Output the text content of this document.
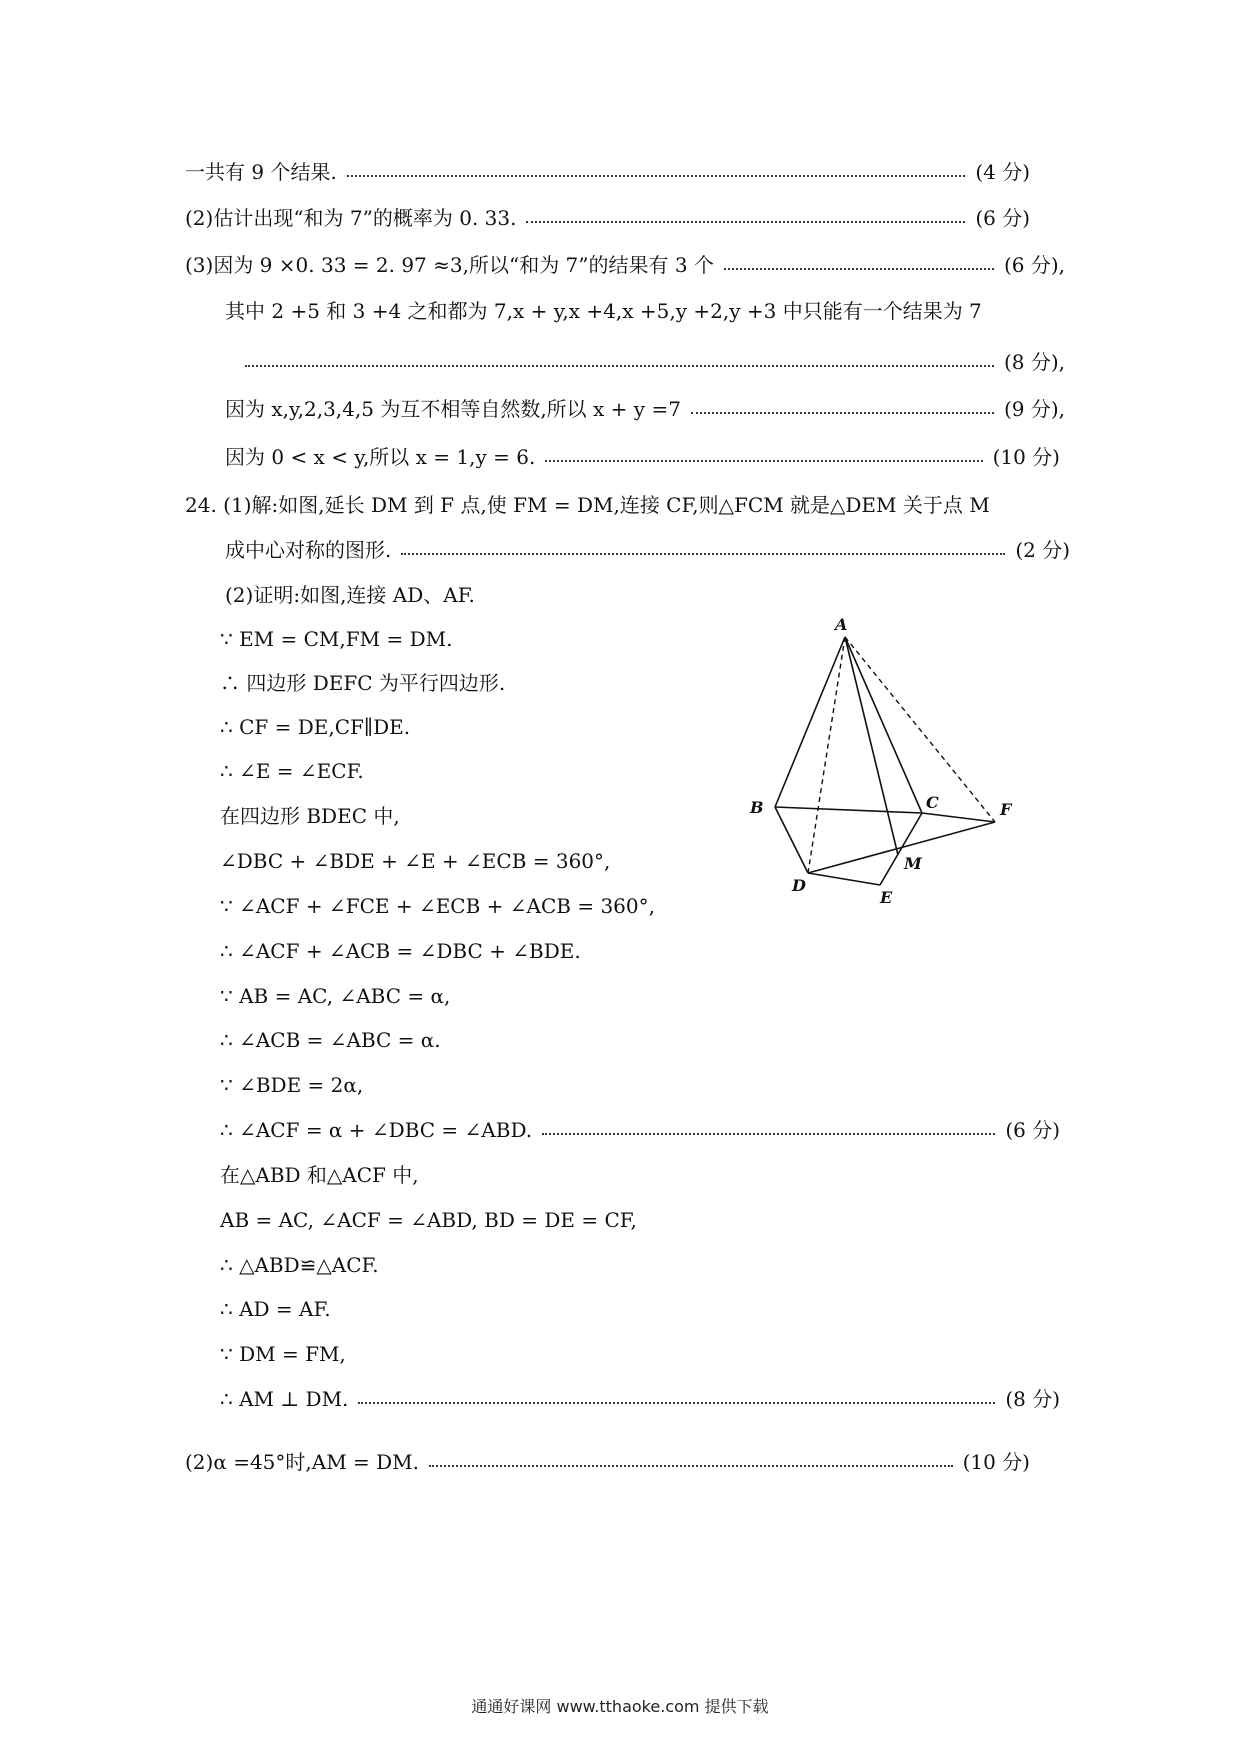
一共有 9 个结果.	(4 分)
(2)估计出现“和为 7”的概率为 0. 33.	(6 分)
(3)因为 9 ×0. 33 = 2. 97 ≈3,所以“和为 7”的结果有 3 个	(6 分),
其中 2 +5 和 3 +4 之和都为 7,x + y,x +4,x +5,y +2,y +3 中只能有一个结果为 7
(8 分),
因为 x,y,2,3,4,5 为互不相等自然数,所以 x + y =7	(9 分),
因为 0 < x < y,所以 x = 1,y = 6.	(10 分)
24. (1)解:如图,延长 DM 到 F 点,使 FM = DM,连接 CF,则△FCM 就是△DEM 关于点 M
成中心对称的图形.	(2 分)
(2)证明:如图,连接 AD、AF.
∵ EM = CM,FM = DM.
∴ 四边形 DEFC 为平行四边形.
∴ CF = DE,CF∥DE.
∴ ∠E = ∠ECF.
在四边形 BDEC 中,
∠DBC + ∠BDE + ∠E + ∠ECB = 360°,
∵ ∠ACF + ∠FCE + ∠ECB + ∠ACB = 360°,
∴ ∠ACF + ∠ACB = ∠DBC + ∠BDE.
∵ AB = AC, ∠ABC = α,
∴ ∠ACB = ∠ABC = α.
∵ ∠BDE = 2α,
∴ ∠ACF = α + ∠DBC = ∠ABD.	(6 分)
在△ABD 和△ACF 中,
AB = AC, ∠ACF = ∠ABD, BD = DE = CF,
∴ △ABD≌△ACF.
∴ AD = AF.
∵ DM = FM,
∴ AM ⊥ DM.	(8 分)
(2)α =45°时,AM = DM.	(10 分)
A
B	C
D
E
F
M
通通好课网 www.tthaoke.com 提供下载
